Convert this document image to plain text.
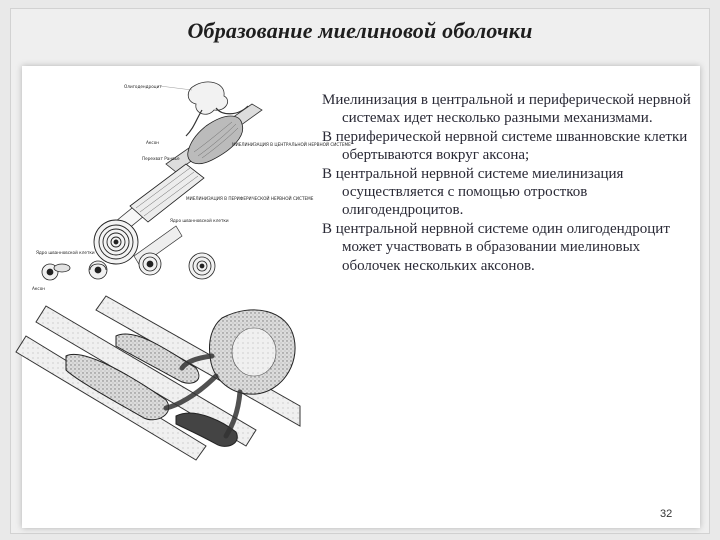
Образование миелиновой оболочки
Олигодендроцит
Аксон	МИЕЛИНИЗАЦИЯ В ЦЕНТРАЛЬНОЙ НЕРВНОЙ СИСТЕМЕ
Перехват Ранвье
МИЕЛИНИЗАЦИЯ В ПЕРИФЕРИЧЕСКОЙ НЕРВНОЙ СИСТЕМЕ
Ядро шванновской клетки
Ядро шванновской клетки
Аксон
Миелинизация в центральной и периферической нервной системах идет несколько разными механизмами.
В периферической нервной системе шванновские клетки обертываются вокруг аксона;
В центральной нервной системе миелинизация осуществляется с помощью отростков олигодендроцитов.
В центральной нервной системе один олигодендроцит может участвовать в образовании миелиновых оболочек нескольких аксонов.
32
